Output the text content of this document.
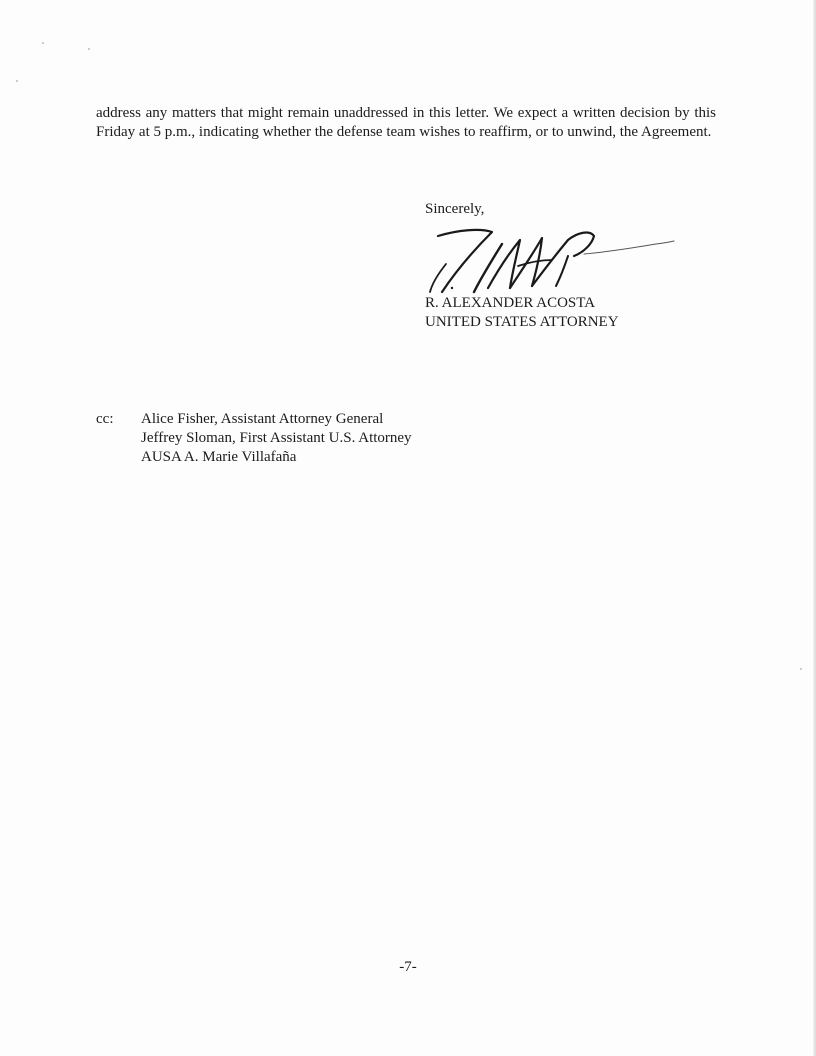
address any matters that might remain unaddressed in this letter. We expect a written decision by this Friday at 5 p.m., indicating whether the defense team wishes to reaffirm, or to unwind, the Agreement.

Sincerely,

R. ALEXANDER ACOSTA
UNITED STATES ATTORNEY
cc: Alice Fisher, Assistant Attorney General
Jeffrey Sloman, First Assistant U.S. Attorney
AUSA A. Marie Villafaña
-7-
